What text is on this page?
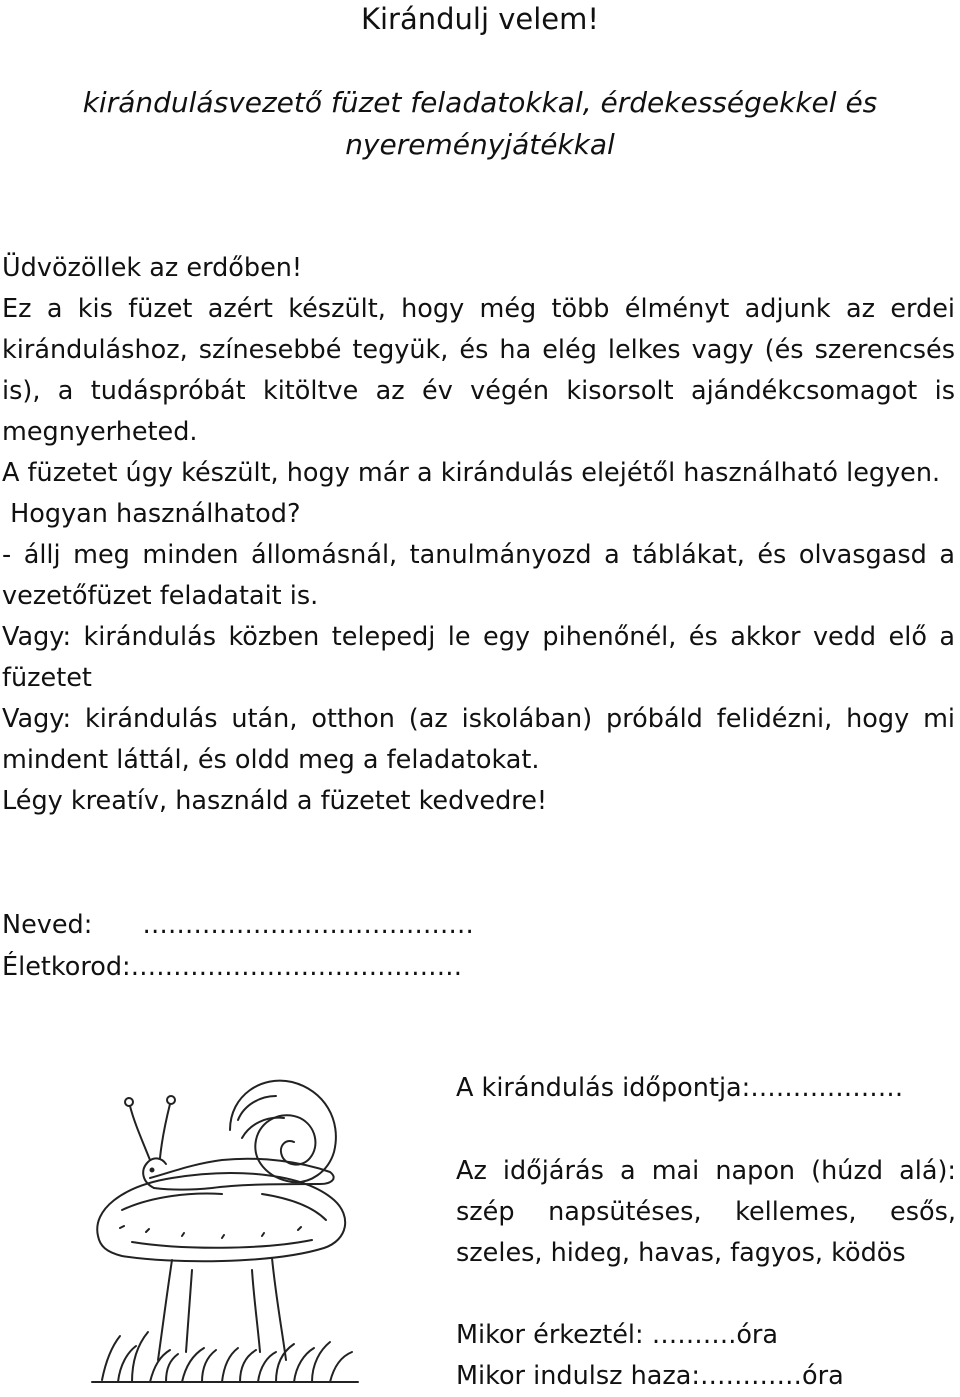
Kirándulj velem!
kirándulásvezető füzet feladatokkal, érdekességekkel és
nyereményjátékkal

Üdvözöllek az erdőben!

Ez a kis füzet azért készült, hogy még több élményt adjunk az erdei kiránduláshoz, színesebbé tegyük, és ha elég lelkes vagy (és szerencsés is), a tudáspróbát kitöltve az év végén kisorsolt ajándékcsomagot is megnyerheted.

A füzetet úgy készült, hogy már a kirándulás elejétől használható legyen.

Hogyan használhatod?

- állj meg minden állomásnál, tanulmányozd a táblákat, és olvasgasd a vezetőfüzet feladatait is.

Vagy: kirándulás közben telepedj le egy pihenőnél, és akkor vedd elő a füzetet

Vagy: kirándulás után, otthon (az iskolában) próbáld felidézni, hogy mi mindent láttál, és oldd meg a feladatokat.

Légy kreatív, használd a füzetet kedvedre!

Neved: …………………………………
Életkorod:…………………………………
A kirándulás időpontja:………………

Az időjárás a mai napon (húzd alá): szép napsütéses, kellemes, esős, szeles, hideg, havas, fagyos, ködös

Mikor érkeztél: ……….óra
Mikor indulsz haza:…………óra
